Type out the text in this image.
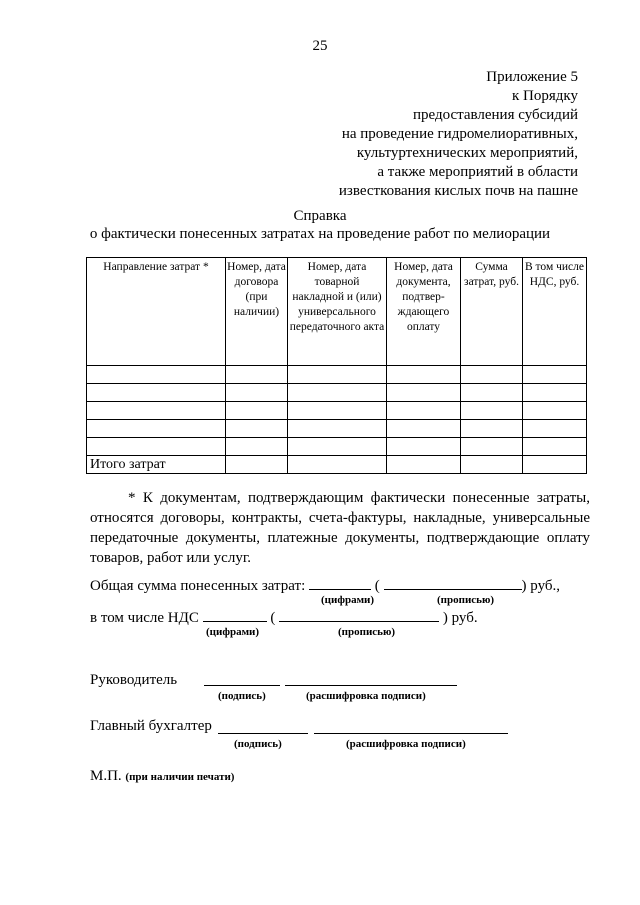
25
Приложение 5
к Порядку
предоставления субсидий
на проведение гидромелиоративных,
культуртехнических мероприятий,
а также мероприятий в области
известкования кислых почв на пашне
Справка
о фактически понесенных затратах на проведение работ по мелиорации
Направление затрат *	Номер, дата договора (при наличии)	Номер, дата товарной накладной и (или) универсального передаточного акта	Номер, дата документа, подтвер-ждающего оплату	Сумма затрат, руб.	В том числе НДС, руб.

Итого затрат					
* К документам, подтверждающим фактически понесенные затраты, относятся договоры, контракты, счета-фактуры, накладные, универсальные передаточные документы, платежные документы, подтверждающие оплату товаров, работ или услуг.
Общая сумма понесенных затрат:	(	) руб.,
(цифрами)	(прописью)
в том числе НДС	(	) руб.
(цифрами)	(прописью)
Руководитель
(подпись)	(расшифровка подписи)
Главный бухгалтер
(подпись)	(расшифровка подписи)
М.П. (при наличии печати)
